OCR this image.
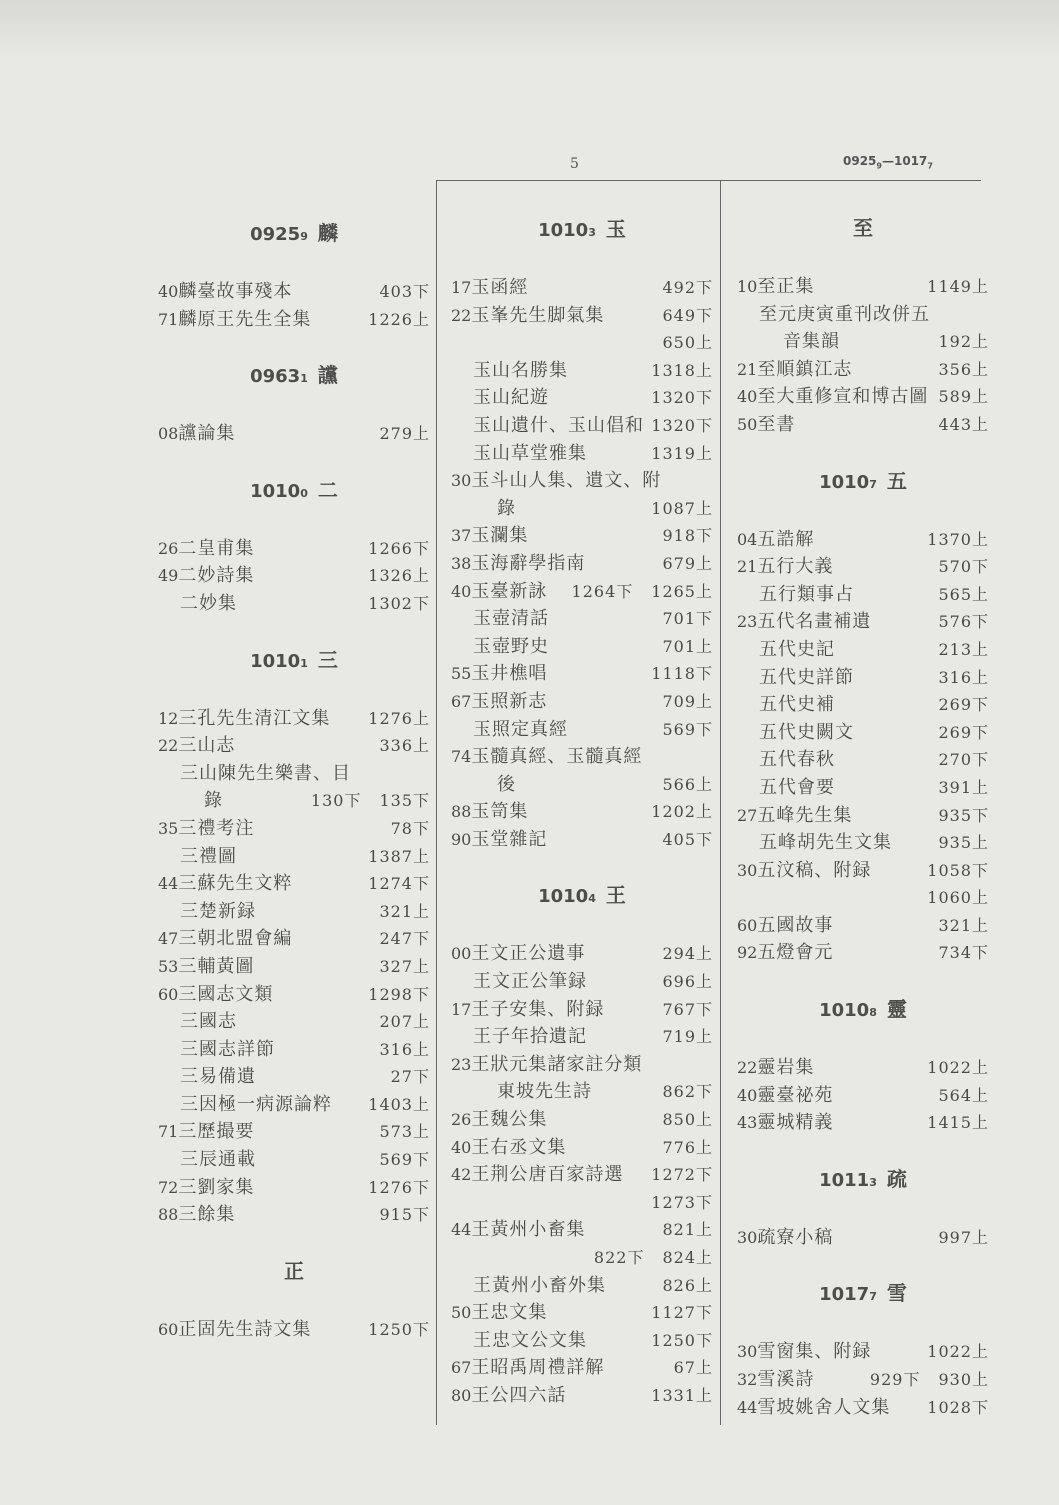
5	$0925_9—1017_7$
09259 麟
40 麟臺故事殘本	403下
71 麟原王先生全集	1226上
09631 讜
08 讜論集	279上
10100 二
26 二皇甫集	1266下
49 二妙詩集	1326上
二妙集	1302下
10101 三
12 三孔先生清江文集 1276上
22 三山志	336上
三山陳先生樂書、目
錄	130下 135下
35 三禮考注	78下
三禮圖	1387上
44 三蘇先生文粹	1274下
三楚新録	321上
47 三朝北盟會編	247下
53 三輔黃圖	327上
60 三國志文類	1298下
三國志	207上
三國志詳節	316上
三易備遺	27下
三因極一病源論粹 1403上
71 三歷撮要	573上
三辰通載	569下
72 三劉家集	1276下
88 三餘集	915下
正
60 正固先生詩文集	1250下
10103 玉
17 玉函經	492下
22 玉峯先生脚氣集	649下
650上
玉山名勝集	1318上
玉山紀遊	1320下
玉山遺什、玉山倡和 1320下
玉山草堂雅集	1319上
30 玉斗山人集、遺文、附
錄	1087上
37 玉瀾集	918下
38 玉海辭學指南	679上
40 玉臺新詠 1264下 1265上
玉壺清話	701下
玉壺野史	701上
55 玉井樵唱	1118下
67 玉照新志	709上
玉照定真經	569下
74 玉髓真經、玉髓真經
後	566上
88 玉笥集	1202上
90 玉堂雜記	405下
10104 王
00 王文正公遺事	294上
王文正公筆録	696上
17 王子安集、附録	767下
王子年拾遺記	719上
23 王狀元集諸家註分類
東坡先生詩	862下
26 王魏公集	850上
40 王右丞文集	776上
42 王荆公唐百家詩選 1272下
1273下
44 王黃州小畜集	821上
822下 824上
王黃州小畜外集	826上
50 王忠文集	1127下
王忠文公文集	1250下
67 王昭禹周禮詳解	67上
80 王公四六話	1331上
至
10 至正集	1149上
至元庚寅重刊改併五
音集韻	192上
21 至順鎮江志	356上
40 至大重修宣和博古圖 589上
50 至書	443上
10107 五
04 五誥解	1370上
21 五行大義	570下
五行類事占	565上
23 五代名畫補遺	576下
五代史記	213上
五代史詳節	316上
五代史補	269下
五代史闕文	269下
五代春秋	270下
五代會要	391上
27 五峰先生集	935下
五峰胡先生文集	935上
30 五汶稿、附録	1058下
1060上
60 五國故事	321上
92 五燈會元	734下
10108 靈
22 靈岩集	1022上
40 靈臺祕苑	564上
43 靈城精義	1415上
10113 疏
30 疏寮小稿	997上
10177 雪
30 雪窗集、附録	1022上
32 雪溪詩	929下 930上
44 雪坡姚舍人文集 1028下
